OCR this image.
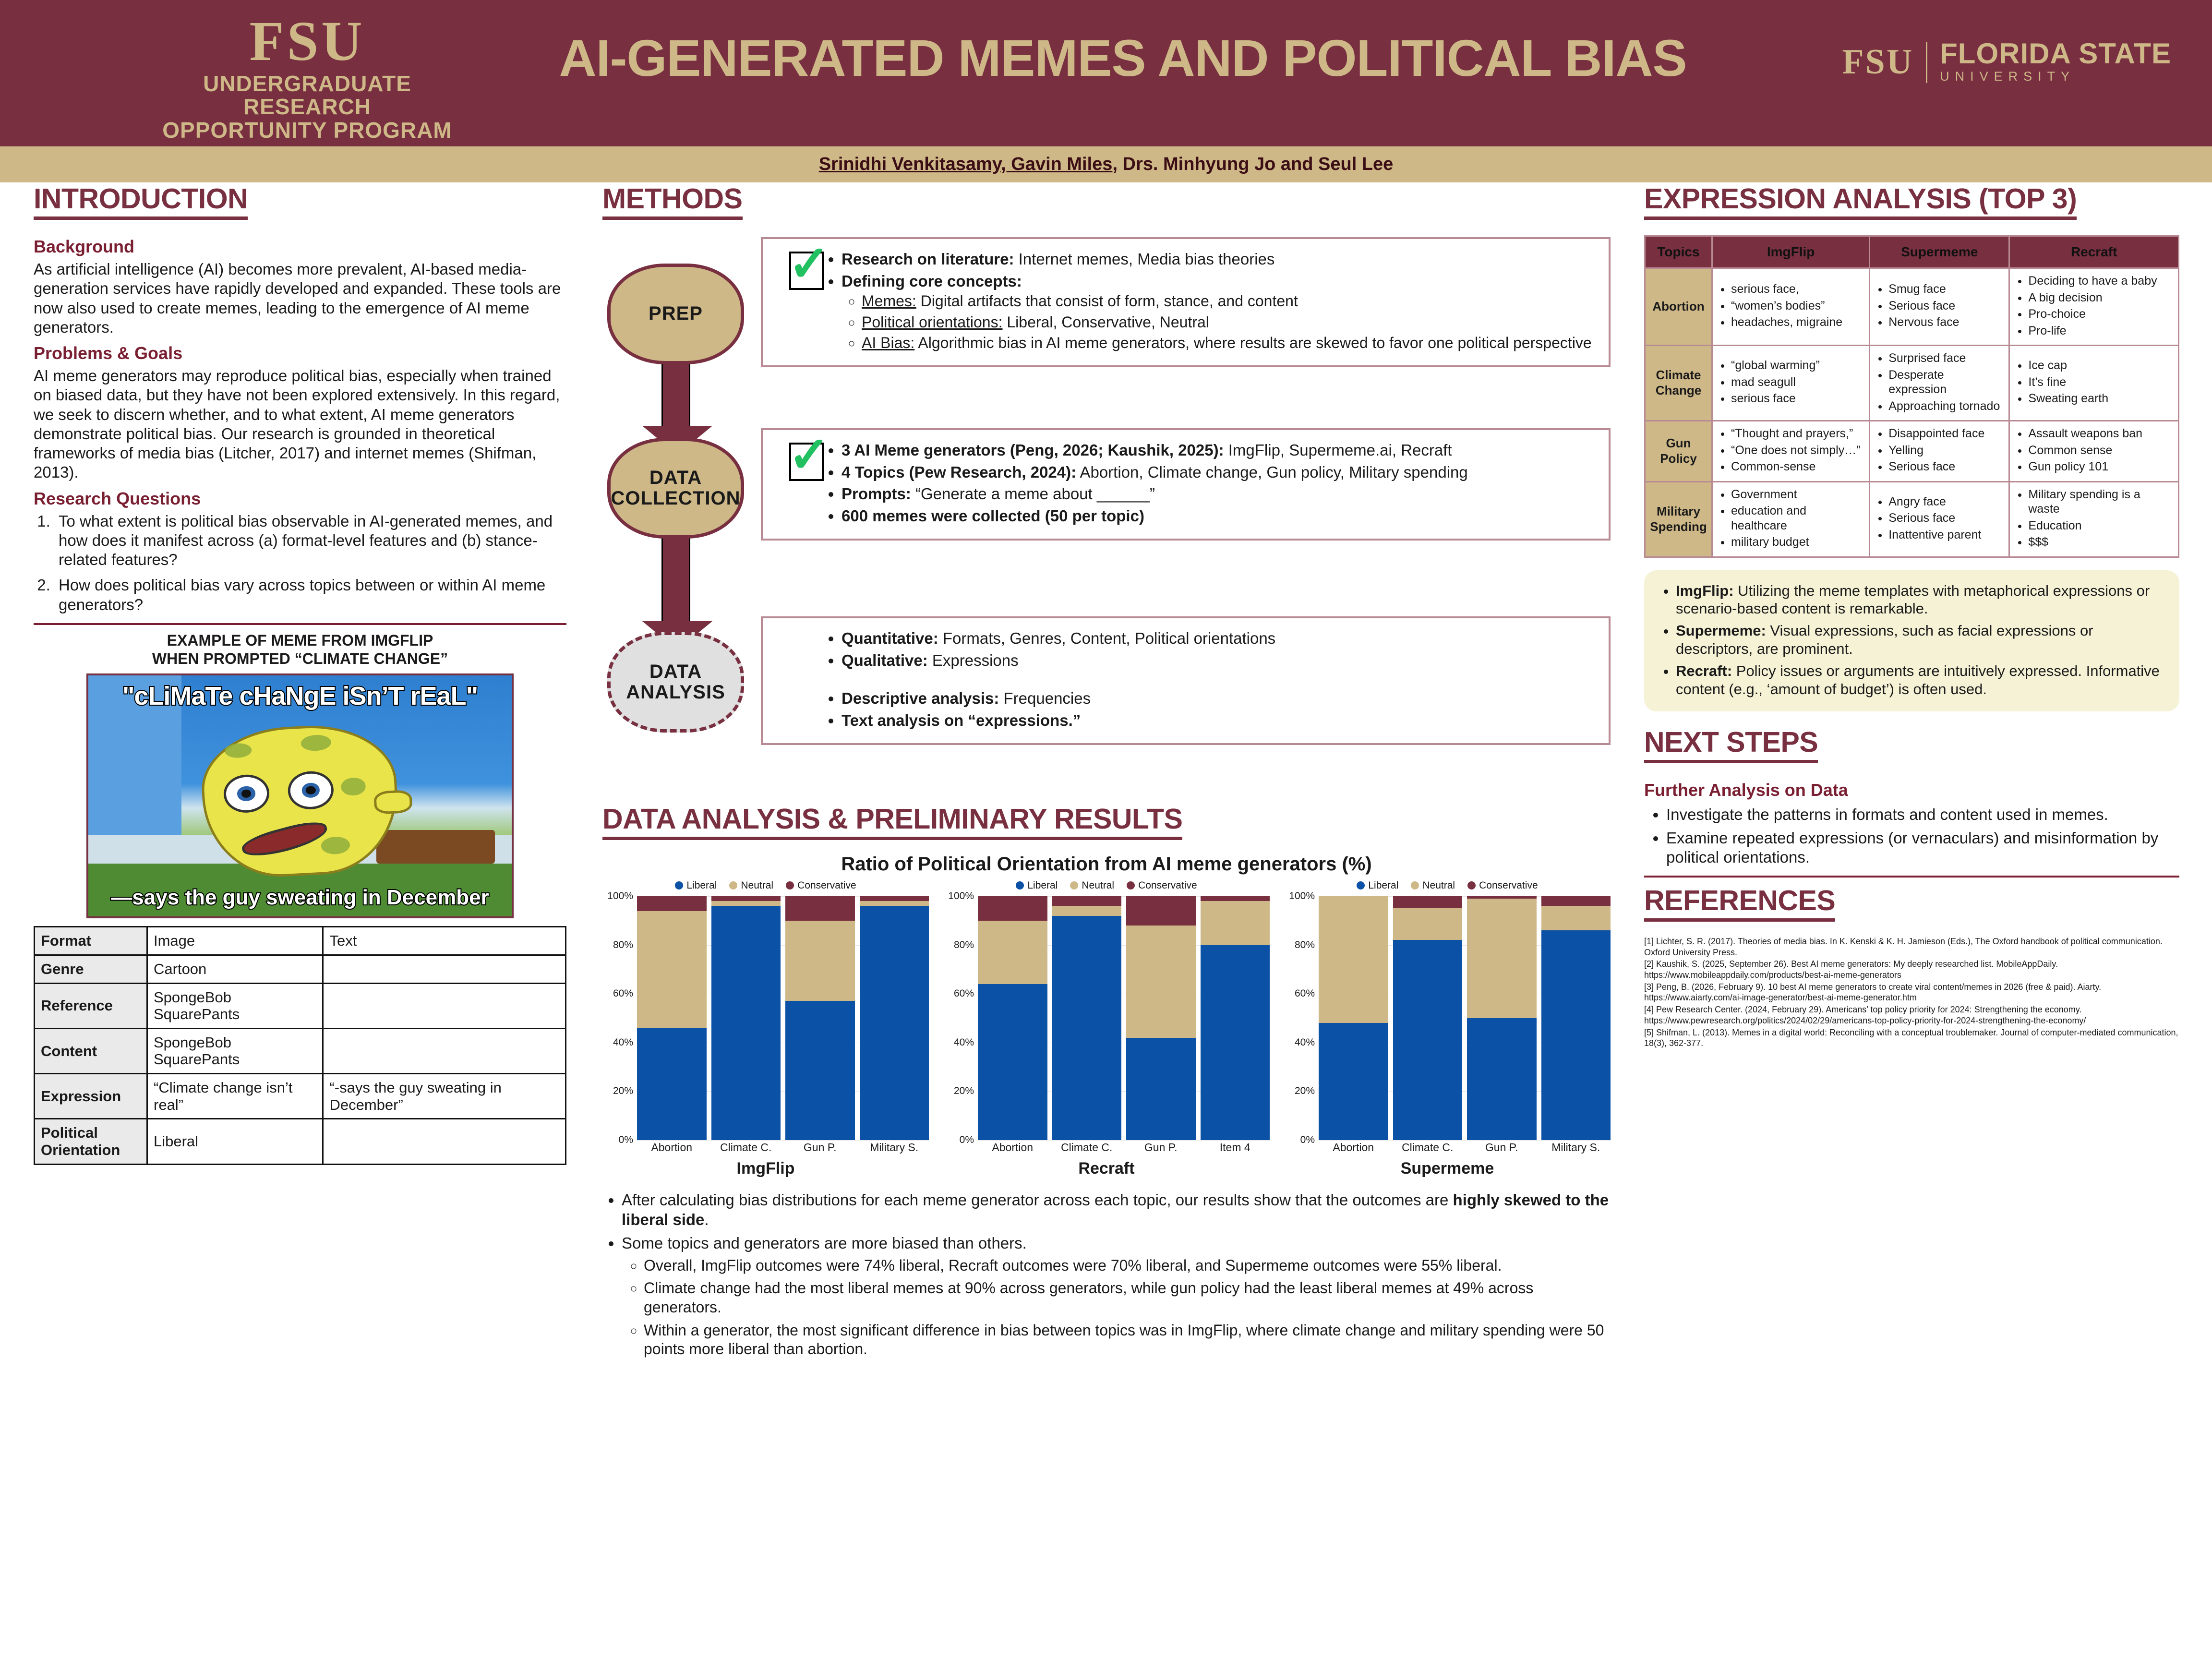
FSU
UNDERGRADUATE RESEARCH
OPPORTUNITY PROGRAM
CENTER FOR UNDERGRADUATE RESEARCH & ACADEMIC ENGAGEMENT
AI-GENERATED MEMES AND POLITICAL BIAS	FSU FLORIDA STATE
UNIVERSITY
Srinidhi Venkitasamy, Gavin Miles , Drs. Minhyung Jo and Seul Lee
INTRODUCTION
Background

As artificial intelligence (AI) becomes more prevalent, AI-based media-generation services have rapidly developed and expanded. These tools are now also used to create memes, leading to the emergence of AI meme generators.

Problems & Goals

AI meme generators may reproduce political bias, especially when trained on biased data, but they have not been explored extensively. In this regard, we seek to discern whether, and to what extent, AI meme generators demonstrate political bias. Our research is grounded in theoretical frameworks of media bias (Litcher, 2017) and internet memes (Shifman, 2013).

Research Questions
1. To what extent is political bias observable in AI-generated memes, and how does it manifest across (a) format-level features and (b) stance-related features?
2. How does political bias vary across topics between or within AI meme generators?
EXAMPLE OF MEME FROM IMGFLIP
WHEN PROMPTED “CLIMATE CHANGE”
"cLiMaTe cHaNgE iSn’T rEaL"
—says the guy sweating in December
Format	Image	Text
Genre	Cartoon	
Reference	SpongeBob SquarePants	
Content	SpongeBob SquarePants	
Expression	“Climate change isn’t real”	“-says the guy sweating in December”
Political Orientation	Liberal	
METHODS
PREP
✓
• Research on literature: Internet memes, Media bias theories
• Defining core concepts:
◦ Memes: Digital artifacts that consist of form, stance, and content
◦ Political orientations: Liberal, Conservative, Neutral
◦ AI Bias: Algorithmic bias in AI meme generators, where results are skewed to favor one political perspective
DATA COLLECTION
✓
• 3 AI Meme generators (Peng, 2026; Kaushik, 2025): ImgFlip, Supermeme.ai, Recraft
• 4 Topics (Pew Research, 2024): Abortion, Climate change, Gun policy, Military spending
• Prompts: “Generate a meme about ______”
• 600 memes were collected (50 per topic)
DATA ANALYSIS
• Quantitative: Formats, Genres, Content, Political orientations
• Qualitative: Expressions
• Descriptive analysis: Frequencies
• Text analysis on “expressions.”
DATA ANALYSIS & PRELIMINARY RESULTS
Ratio of Political Orientation from AI meme generators (%)
Liberal	Neutral	Conservative
0%
20%
40%
60%
80%
100%
Abortion	Climate C.	Gun P.	Military S.
ImgFlip
Liberal	Neutral	Conservative
0%
20%
40%
60%
80%
100%
Abortion	Climate C.	Gun P.	Item 4
Recraft
Liberal	Neutral	Conservative
0%
20%
40%
60%
80%
100%
Abortion	Climate C.	Gun P.	Military S.
Supermeme
• After calculating bias distributions for each meme generator across each topic, our results show that the outcomes are highly skewed to the liberal side.
• Some topics and generators are more biased than others.
◦ Overall, ImgFlip outcomes were 74% liberal, Recraft outcomes were 70% liberal, and Supermeme outcomes were 55% liberal.
◦ Climate change had the most liberal memes at 90% across generators, while gun policy had the least liberal memes at 49% across generators.
◦ Within a generator, the most significant difference in bias between topics was in ImgFlip, where climate change and military spending were 50 points more liberal than abortion.
EXPRESSION ANALYSIS (TOP 3)
Topics	ImgFlip	Supermeme	Recraft
Abortion	
• serious face,
• “women’s bodies”
• headaches, migraine

• Smug face
• Serious face
• Nervous face

• Deciding to have a baby
• A big decision
• Pro-choice
• Pro-life

Climate Change	
• “global warming”
• mad seagull
• serious face

• Surprised face
• Desperate expression
• Approaching tornado

• Ice cap
• It’s fine
• Sweating earth

Gun Policy	
• “Thought and prayers,”
• “One does not simply…”
• Common-sense

• Disappointed face
• Yelling
• Serious face

• Assault weapons ban
• Common sense
• Gun policy 101

Military Spending	
• Government
• education and healthcare
• military budget

• Angry face
• Serious face
• Inattentive parent

• Military spending is a waste
• Education
• $$$
• ImgFlip: Utilizing the meme templates with metaphorical expressions or scenario-based content is remarkable.
• Supermeme: Visual expressions, such as facial expressions or descriptors, are prominent.
• Recraft: Policy issues or arguments are intuitively expressed. Informative content (e.g., ‘amount of budget’) is often used.
NEXT STEPS
Further Analysis on Data
• Investigate the patterns in formats and content used in memes.
• Examine repeated expressions (or vernaculars) and misinformation by political orientations.
REFERENCES
[1] Lichter, S. R. (2017). Theories of media bias. In K. Kenski & K. H. Jamieson (Eds.), The Oxford handbook of political communication. Oxford University Press.
[2] Kaushik, S. (2025, September 26). Best AI meme generators: My deeply researched list. MobileAppDaily. https://www.mobileappdaily.com/products/best-ai-meme-generators
[3] Peng, B. (2026, February 9). 10 best AI meme generators to create viral content/memes in 2026 (free & paid). Aiarty. https://www.aiarty.com/ai-image-generator/best-ai-meme-generator.htm
[4] Pew Research Center. (2024, February 29). Americans’ top policy priority for 2024: Strengthening the economy. https://www.pewresearch.org/politics/2024/02/29/americans-top-policy-priority-for-2024-strengthening-the-economy/
[5] Shifman, L. (2013). Memes in a digital world: Reconciling with a conceptual troublemaker. Journal of computer-mediated communication, 18(3), 362-377.
